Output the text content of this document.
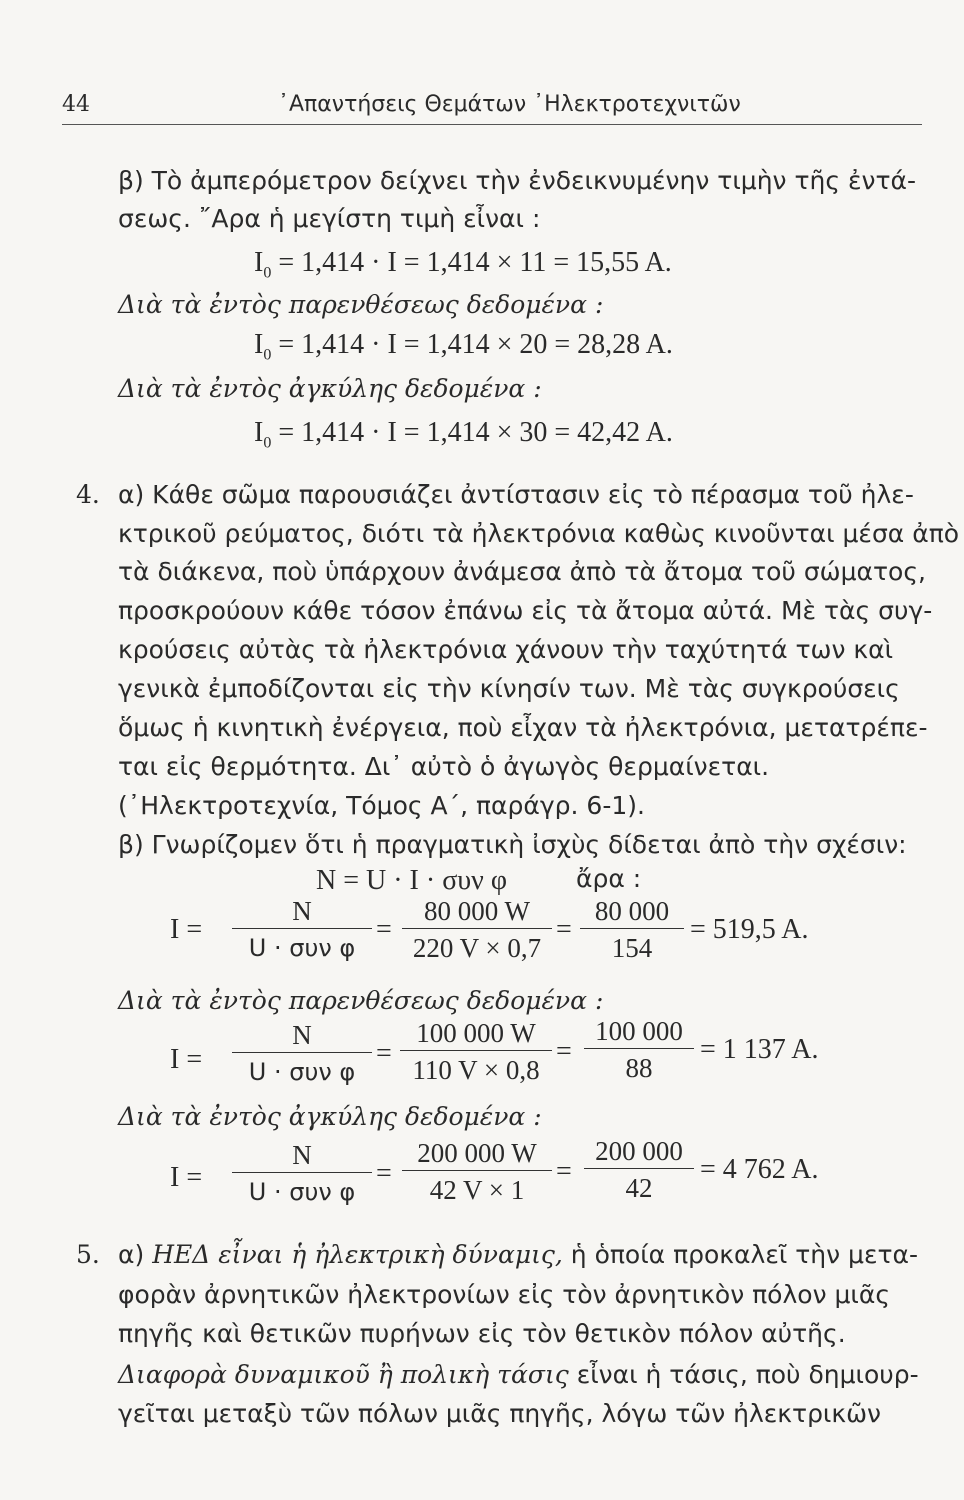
44	᾽Απαντήσεις Θεμάτων ᾽Ηλεκτροτεχνιτῶν
β) Τὸ ἀμπερόμετρον δείχνει τὴν ἐνδεικνυμένην τιμὴν τῆς ἐντά-
σεως. ῎Αρα ἡ μεγίστη τιμὴ εἶναι :
$I_0 = 1,414 \cdot I = 1,414 \times 11 = 15,55$ A.
Διὰ τὰ ἐντὸς παρενθέσεως δεδομένα :
$I_0 = 1,414 \cdot I = 1,414 \times 20 = 28,28$ A.
Διὰ τὰ ἐντὸς ἀγκύλης δεδομένα :
$I_0 = 1,414 \cdot I = 1,414 \times 30 = 42,42$ A.
4. α) Κάθε σῶμα παρουσιάζει ἀντίστασιν εἰς τὸ πέρασμα τοῦ ἠλε-
κτρικοῦ ρεύματος, διότι τὰ ἠλεκτρόνια καθὼς κινοῦνται μέσα ἀπὸ
τὰ διάκενα, ποὺ ὑπάρχουν ἀνάμεσα ἀπὸ τὰ ἄτομα τοῦ σώματος,
προσκρούουν κάθε τόσον ἐπάνω εἰς τὰ ἄτομα αὐτά. Μὲ τὰς συγ-
κρούσεις αὐτὰς τὰ ἠλεκτρόνια χάνουν τὴν ταχύτητά των καὶ
γενικὰ ἐμποδίζονται εἰς τὴν κίνησίν των. Μὲ τὰς συγκρούσεις
ὅμως ἡ κινητικὴ ἐνέργεια, ποὺ εἶχαν τὰ ἠλεκτρόνια, μετατρέπε-
ται εἰς θερμότητα. Δι᾽ αὐτὸ ὁ ἀγωγὸς θερμαίνεται.
(᾽Ηλεκτροτεχνία, Τόμος Α΄, παράγρ. 6-1).
β) Γνωρίζομεν ὅτι ἡ πραγματικὴ ἰσχὺς δίδεται ἀπὸ τὴν σχέσιν:
N = U · I · συν φ	ἄρα :
I =
N
U · συν φ
= $\frac{80 000 W}{220 V \times 0,7} = \frac{80 000}{154} = 519,5$ A.
Διὰ τὰ ἐντὸς παρενθέσεως δεδομένα :
I =
N
U · συν φ
= $\frac{100 000 W}{110 V \times 0,8} = \frac{100 000}{88} = 1$ 137 A.
Διὰ τὰ ἐντὸς ἀγκύλης δεδομένα :
I =
N
U · συν φ
= $\frac{200 000 W}{42 V \times 1} = \frac{200 000}{42} = 4$ 762 A.
5. α) ΗΕΔ εἶναι ἡ ἠλεκτρικὴ δύναμις, ἡ ὁποία προκαλεῖ τὴν μετα-
φορὰν ἀρνητικῶν ἠλεκτρονίων εἰς τὸν ἀρνητικὸν πόλον μιᾶς
πηγῆς καὶ θετικῶν πυρήνων εἰς τὸν θετικὸν πόλον αὐτῆς.
Διαφορὰ δυναμικοῦ ἢ πολικὴ τάσις εἶναι ἡ τάσις, ποὺ δημιουρ-
γεῖται μεταξὺ τῶν πόλων μιᾶς πηγῆς, λόγω τῶν ἠλεκτρικῶν
